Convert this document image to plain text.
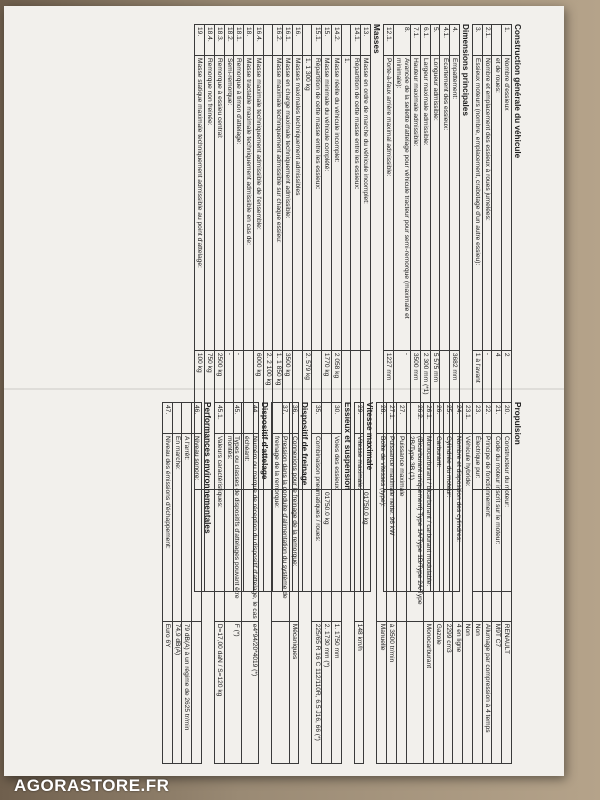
Construction générale du véhicule
1.	Nombre d'essieux	2	
	et de roues:	4	
2.1.	Nombre et emplacement des essieux à roues jumelées:	-	
3.	Essieux moteurs (nombre, emplacement, crabotage d'un autre essieu):	1 à l'avant	
Dimensions principales
4.	Empattement:	3682 mm	
4.1.	Écartement des essieux:		
5.	Longueur admissible:	5 575 mm	
6.1.	Largeur maximale admissible:	2 300 mm (*1)	
7.1.	Hauteur maximale admissible:	3500 mm	
8.	Avancée de la sellette d'attelage pour véhicule tracteur pour semi-remorque (maximale et minimale):	-	
12.1.	Porte-à-faux arrière maximal admissible:	1227 mm	
Masses
13.	Masse en ordre de marche du véhicule incomplet:		01750.0 kg
14.1.	Répartition de cette masse entre les essieux:		
	1.		
14.2.	Masse réelle du véhicule incomplet:	2 058 kg	
15.	Masse minimale du véhicule complété:	1770 kg	01750.0 kg
15.1.	Répartition de cette masse entre les essieux:		
	1. 1 300 kg	2. 579 kg	
16.	Masses maximales techniquement admissibles		
16.1.	Masse en charge maximale techniquement admissible:	3500 kg	
16.2.	Masse maximale techniquement admissible sur chaque essieu:	1. 1 850 kg	
		2. 2 100 kg	
16.4.	Masse maximale techniquement admissible de l'ensemble:	6000 kg	
18.	Masse tractable maximale techniquement admissible en cas de:		
18.1.	Remorque à timon d'attelage:	-	
18.2.	Semi-remorque:	-	
18.3.	Remorque à essieu central:	2500 kg	
18.4.	Remorque non freinée:	750 kg	
19.	Masse statique maximale techniquement admissible au point d'attelage:	100 kg	
Propulsion
20.	Constructeur du moteur:	RENAULT
21.	Code du moteur inscrit sur le moteur:	M9T C7
22.	Principe de fonctionnement:	Allumage par compression à 4 temps
23.	Électrique pur:	Non
23.1.	Véhicule hybride:	Non
24.	Nombre et disposition des cylindres:	4 en ligne
25.	Cylindrée du moteur:	2299 cm3
26.	Carburant:	Gazole
26.1.	Monocarburant / bicarburant / carburant modulable:	Monocarburant
26.2.	(Bicarburant uniquement) Type 1A/Type 1B/Type 2A/Type 2B/Type 3B (1)	
27.	Puissance maximale	
27.1.	Puissance maximale nette: 96 kW	à 3500 tr/min
28.	Boîte de vitesses (type):	Manuelle
Vitesse maximale
29.	Vitesse maximale:	148 km/h
Essieux et suspension
30.	Voies des essieux:	1. 1750 mm
		2. 1730 mm (*)
35.	Combinaison pneumatiques / roues:	225/65 R 16 C 112/110R, 6.5 J16, 66 (*)
Dispositif de freinage
36.	Connexions pour le freinage de la remorque:	Mécaniques
37.	Pression dans la conduite d'alimentation du système de freinage de la remorque:	
Dispositif d'attelage
44.	Numéro ou marque de réception du dispositif d'attelage, le cas échéant:	e4*94/20*4019 (*)
45.	Types ou classes de dispositifs d'attelages pouvant être montés:	F (*)
45.1.	Valeurs caractéristiques:	D=17,00 daN / S=120 kg
Performances environnementales
46.	Niveau sonore:	
	A l'arrêt:	79 dB(A) à un régime de 2625 tr/min
	En marche:	74,9 dB(A)
47.	Niveau des émissions d'échappement:	Euro 6Y
AGORASTORE.FR
